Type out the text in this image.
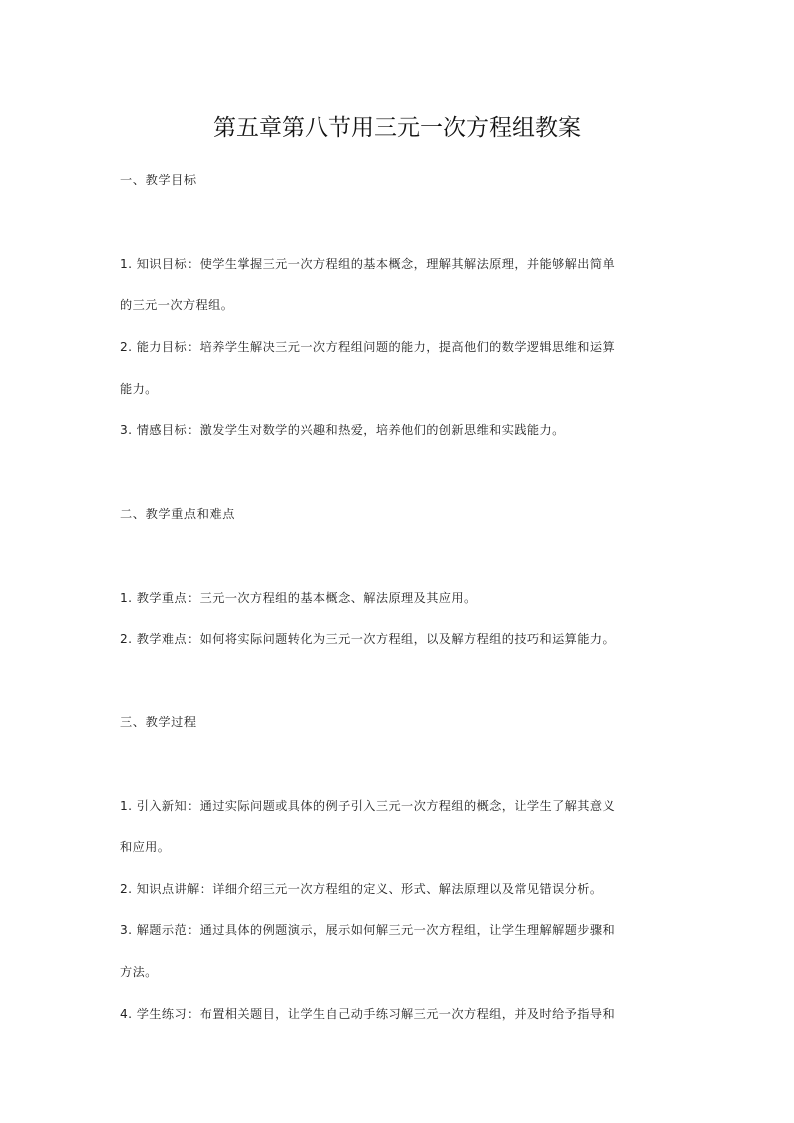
第五章第八节用三元一次方程组教案
一、教学目标
1. 知识目标：使学生掌握三元一次方程组的基本概念，理解其解法原理，并能够解出简单
的三元一次方程组。
2. 能力目标：培养学生解决三元一次方程组问题的能力，提高他们的数学逻辑思维和运算
能力。
3. 情感目标：激发学生对数学的兴趣和热爱，培养他们的创新思维和实践能力。
二、教学重点和难点
1. 教学重点：三元一次方程组的基本概念、解法原理及其应用。
2. 教学难点：如何将实际问题转化为三元一次方程组，以及解方程组的技巧和运算能力。
三、教学过程
1. 引入新知：通过实际问题或具体的例子引入三元一次方程组的概念，让学生了解其意义
和应用。
2. 知识点讲解：详细介绍三元一次方程组的定义、形式、解法原理以及常见错误分析。
3. 解题示范：通过具体的例题演示，展示如何解三元一次方程组，让学生理解解题步骤和
方法。
4. 学生练习：布置相关题目，让学生自己动手练习解三元一次方程组，并及时给予指导和
